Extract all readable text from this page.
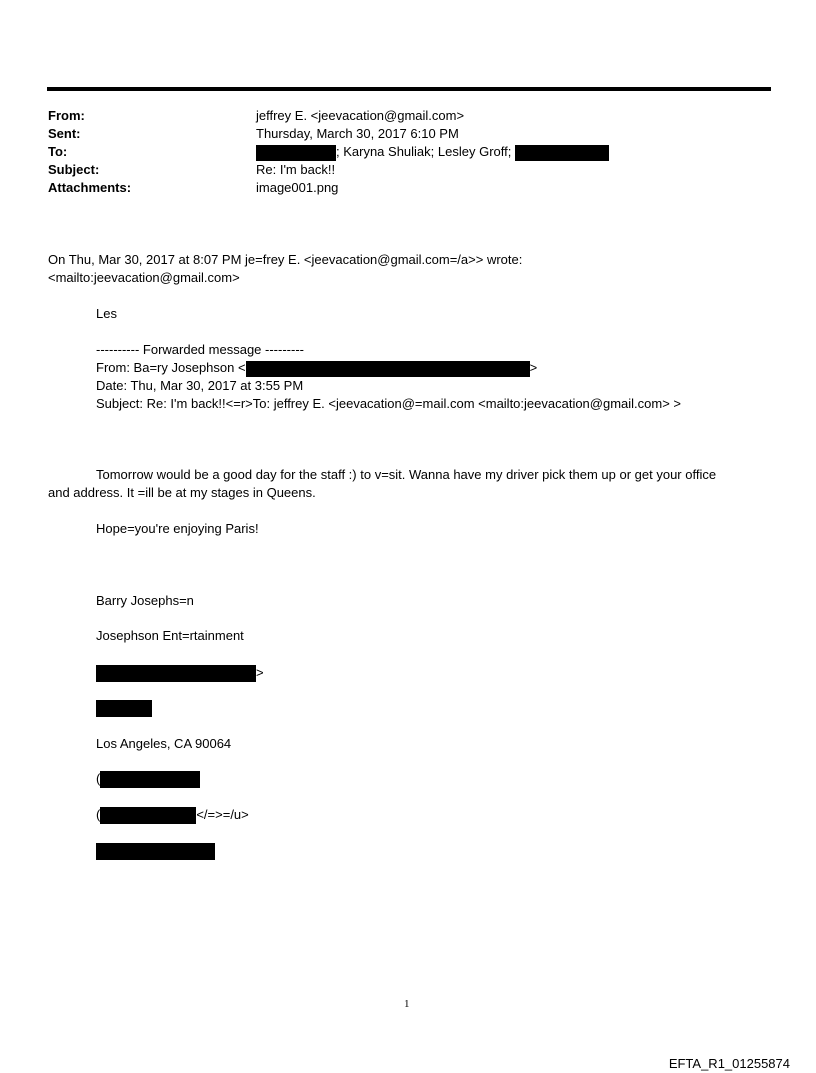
From:	jeffrey E. <jeevacation@gmail.com>
Sent:	Thursday, March 30, 2017 6:10 PM
To:	; Karyna Shuliak; Lesley Groff;
Subject:	Re: I'm back!!
Attachments:	image001.png
On Thu, Mar 30, 2017 at 8:07 PM je=frey E. <jeevacation@gmail.com=/a>> wrote:
<mailto:jeevacation@gmail.com>
Les
---------- Forwarded message ---------
From: Ba=ry Josephson <	>
Date: Thu, Mar 30, 2017 at 3:55 PM
Subject: Re: I'm back!!<=r>To: jeffrey E. <jeevacation@=mail.com <mailto:jeevacation@gmail.com> >
Tomorrow would be a good day for the staff :) to v=sit. Wanna have my driver pick them up or get your office
and address. It =ill be at my stages in Queens.
Hope=you're enjoying Paris!
Barry Josephs=n
Josephson Ent=rtainment
>
Los Angeles, CA 90064
(
(	</=>=/u>
1
EFTA_R1_01255874
